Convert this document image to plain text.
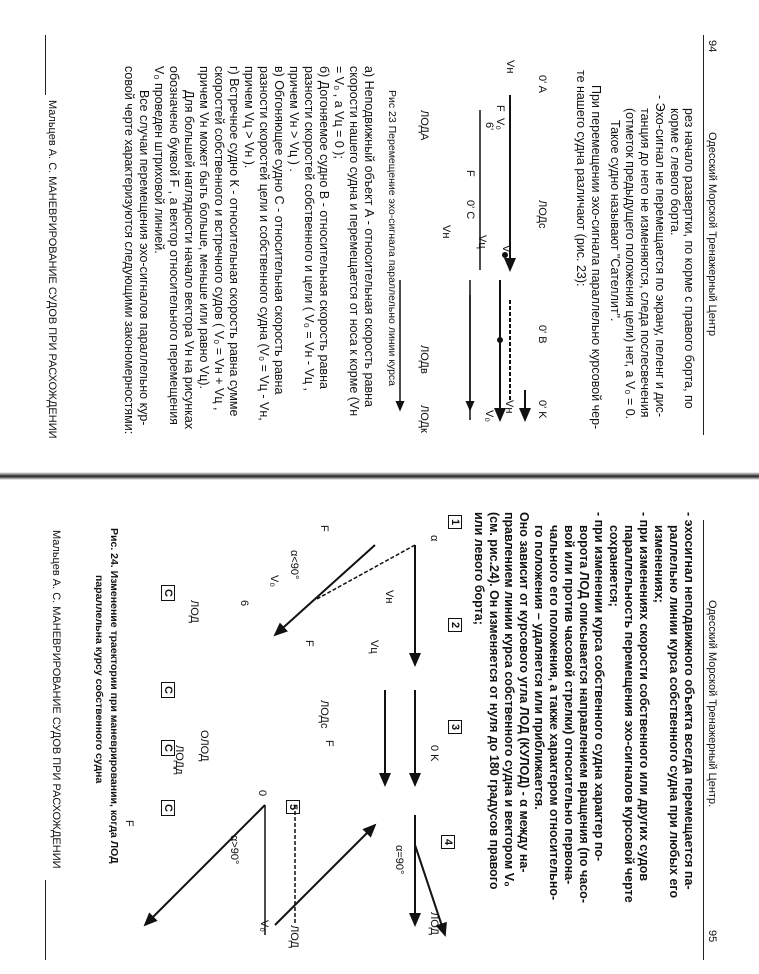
94
Одесский Морской Тренажерный Центр
рез начало развертки, по корме с правого борта, по
корме с левого борта.
- Эхо-сигнал не перемещается по экрану, пеленг и дис-
танция до него не изменяются, следа послесвечения
(отметок предыдущего положения цели) нет, а V₀ = 0.
Такое судно называют "Сателлит".
При перемещении эхо-сигнала параллельно курсовой чер-
те нашего судна различают (рис. 23):
0' A
ЛОДс
Vн
F
V₀
6'
V₀
Vц
0' C
F
Vн
0' B
0' K
Vн
V₀
ЛОДА
ЛОДв
ЛОДк
Рис 23 Перемещение эхо-сигнала параллельно линии курса
а) Неподвижный объект А - относительная скорость равна
скорости нашего судна и перемещается от носа к корме (Vн
= V₀ , а Vц = 0 );
б) Догоняемое судно В - относительная скорость равна
разности скоростей собственного и цели ( V₀ = Vн - Vц ,
причем Vн > Vц ) .
в) Обгоняющее судно С - относительная скорость равна
разности скоростей цели и собственного судна (V₀ = Vц - Vн,
причем Vц > Vн ).
г) Встречное судно К - относительная скорость равна сумме
скоростей собственного и встречного судов ( V₀ = Vн + Vц ,
причем Vн может быть больше, меньше или равно Vц).
Для большей наглядности начало вектора Vн на рисунках
обозначено буквой F , а вектор относительного перемещения
V₀ проведен штриховой линией.
Все случаи перемещения эхо-сигналов параллельно кур-
совой черте характеризуются следующими закономерностями:
Мальцев А. С. МАНЕВРИРОВАНИЕ СУДОВ ПРИ РАСХОЖДЕНИИ
Одесский Морской Тренажерный Центр.
95
- эхосигнал неподвижного объекта всегда перемещается па-
раллельно линии курса собственного судна при любых его
изменениях;
- при изменениях скорости собственного или других судов
параллельность перемещения эхо-сигналов курсовой черте
сохраняется;
- при изменении курса собственного судна характер по-
ворота ЛОД описывается направлением вращения (по часо-
вой или против часовой стрелки) относительно первона-
чального его положения, а также характером относительно-
го положения – удаляется или приближается.
Оно зависит от курсового угла ЛОД (КУЛОД) - α между на-
правлением линии курса собственного судна и вектором V₀
(см. рис.24). Он изменяется от нуля до 180 градусов правого
или левого борта;
1
2
3
4
5
α
α<90°
α=90°
α>90°
F
F
F
F
Vн
Vц
V₀
V₀
0 K
0
6
ЛОДс
ЛОД
ОЛОД
ЛОДд
ЛОД
ЛОД
C
C
C
C
Рис. 24. Изменение траектории при маневрировании, когда ЛОД
параллельна курсу собственного судна
Мальцев А. С. МАНЕВРИРОВАНИЕ СУДОВ ПРИ РАСХОЖДЕНИИ
